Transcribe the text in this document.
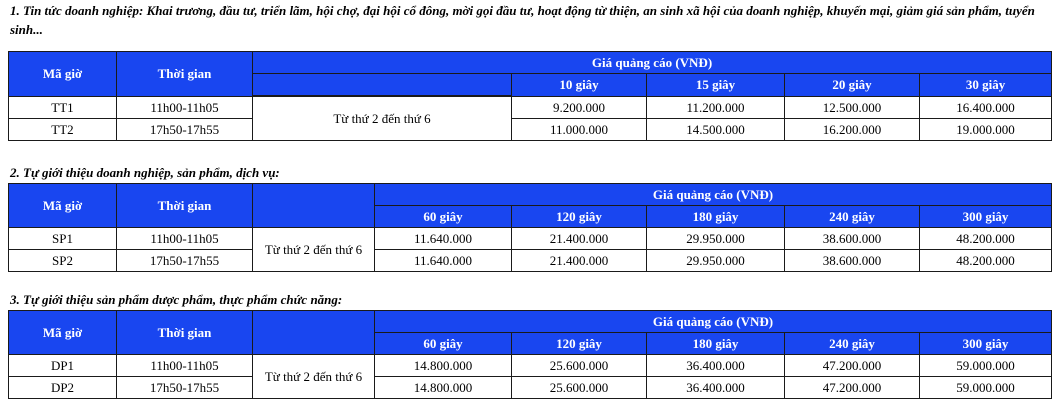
1. Tin tức doanh nghiệp: Khai trương, đầu tư, triển lãm, hội chợ, đại hội cổ đông, mời gọi đầu tư, hoạt động từ thiện, an sinh xã hội của doanh nghiệp, khuyến mại, giảm giá sản phẩm, tuyển sinh...

Mã giờ	Thời gian	Giá quảng cáo (VNĐ)				
			10 giây	15 giây	20 giây	30 giây

TT1	11h00-11h05	Từ thứ 2 đến thứ 6	9.200.000	11.200.000	12.500.000	16.400.000
TT2	17h50-17h55		11.000.000	14.500.000	16.200.000	19.000.000

2. Tự giới thiệu doanh nghiệp, sản phẩm, dịch vụ:

Mã giờ	Thời gian		Giá quảng cáo (VNĐ)				
			60 giây	120 giây	180 giây	240 giây	300 giây
SP1	11h00-11h05	Từ thứ 2 đến thứ 6	11.640.000	21.400.000	29.950.000	38.600.000	48.200.000
SP2	17h50-17h55		11.640.000	21.400.000	29.950.000	38.600.000	48.200.000

3. Tự giới thiệu sản phẩm dược phẩm, thực phẩm chức năng:

Mã giờ	Thời gian		Giá quảng cáo (VNĐ)				
			60 giây	120 giây	180 giây	240 giây	300 giây
DP1	11h00-11h05	Từ thứ 2 đến thứ 6	14.800.000	25.600.000	36.400.000	47.200.000	59.000.000
DP2	17h50-17h55		14.800.000	25.600.000	36.400.000	47.200.000	59.000.000
